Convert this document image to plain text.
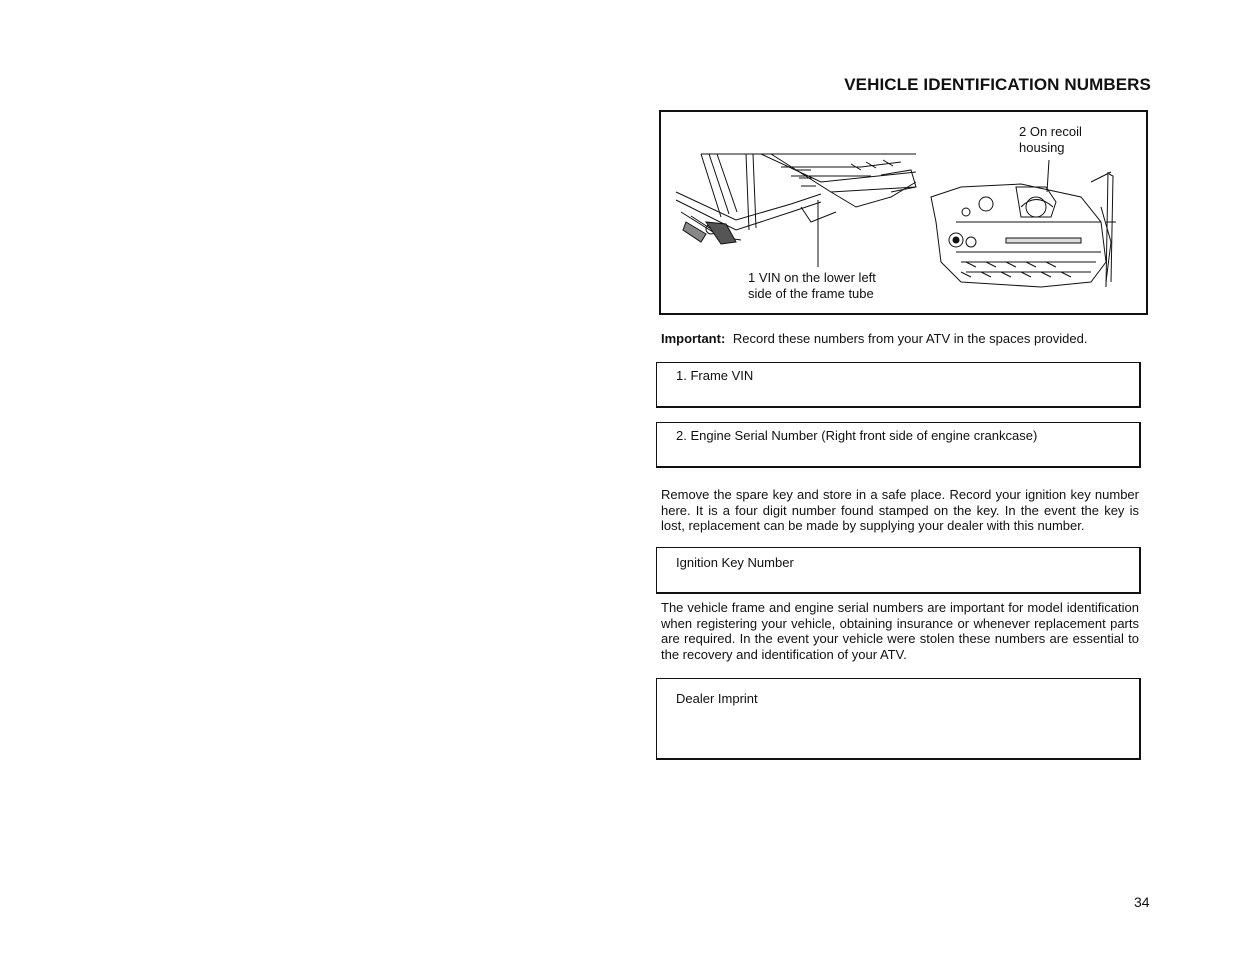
VEHICLE IDENTIFICATION NUMBERS
2 On recoil
housing
1 VIN on the lower left
side of the frame tube
Important: Record these numbers from your ATV in the spaces provided.
1. Frame VIN
2. Engine Serial Number (Right front side of engine crankcase)
Remove the spare key and store in a safe place. Record your ignition key number here. It is a four digit number found stamped on the key. In the event the key is lost, replacement can be made by supplying your dealer with this number.
Ignition Key Number
The vehicle frame and engine serial numbers are important for model identification when registering your vehicle, obtaining insurance or whenever replacement parts are required. In the event your vehicle were stolen these numbers are essential to the recovery and identification of your ATV.
Dealer Imprint
34
